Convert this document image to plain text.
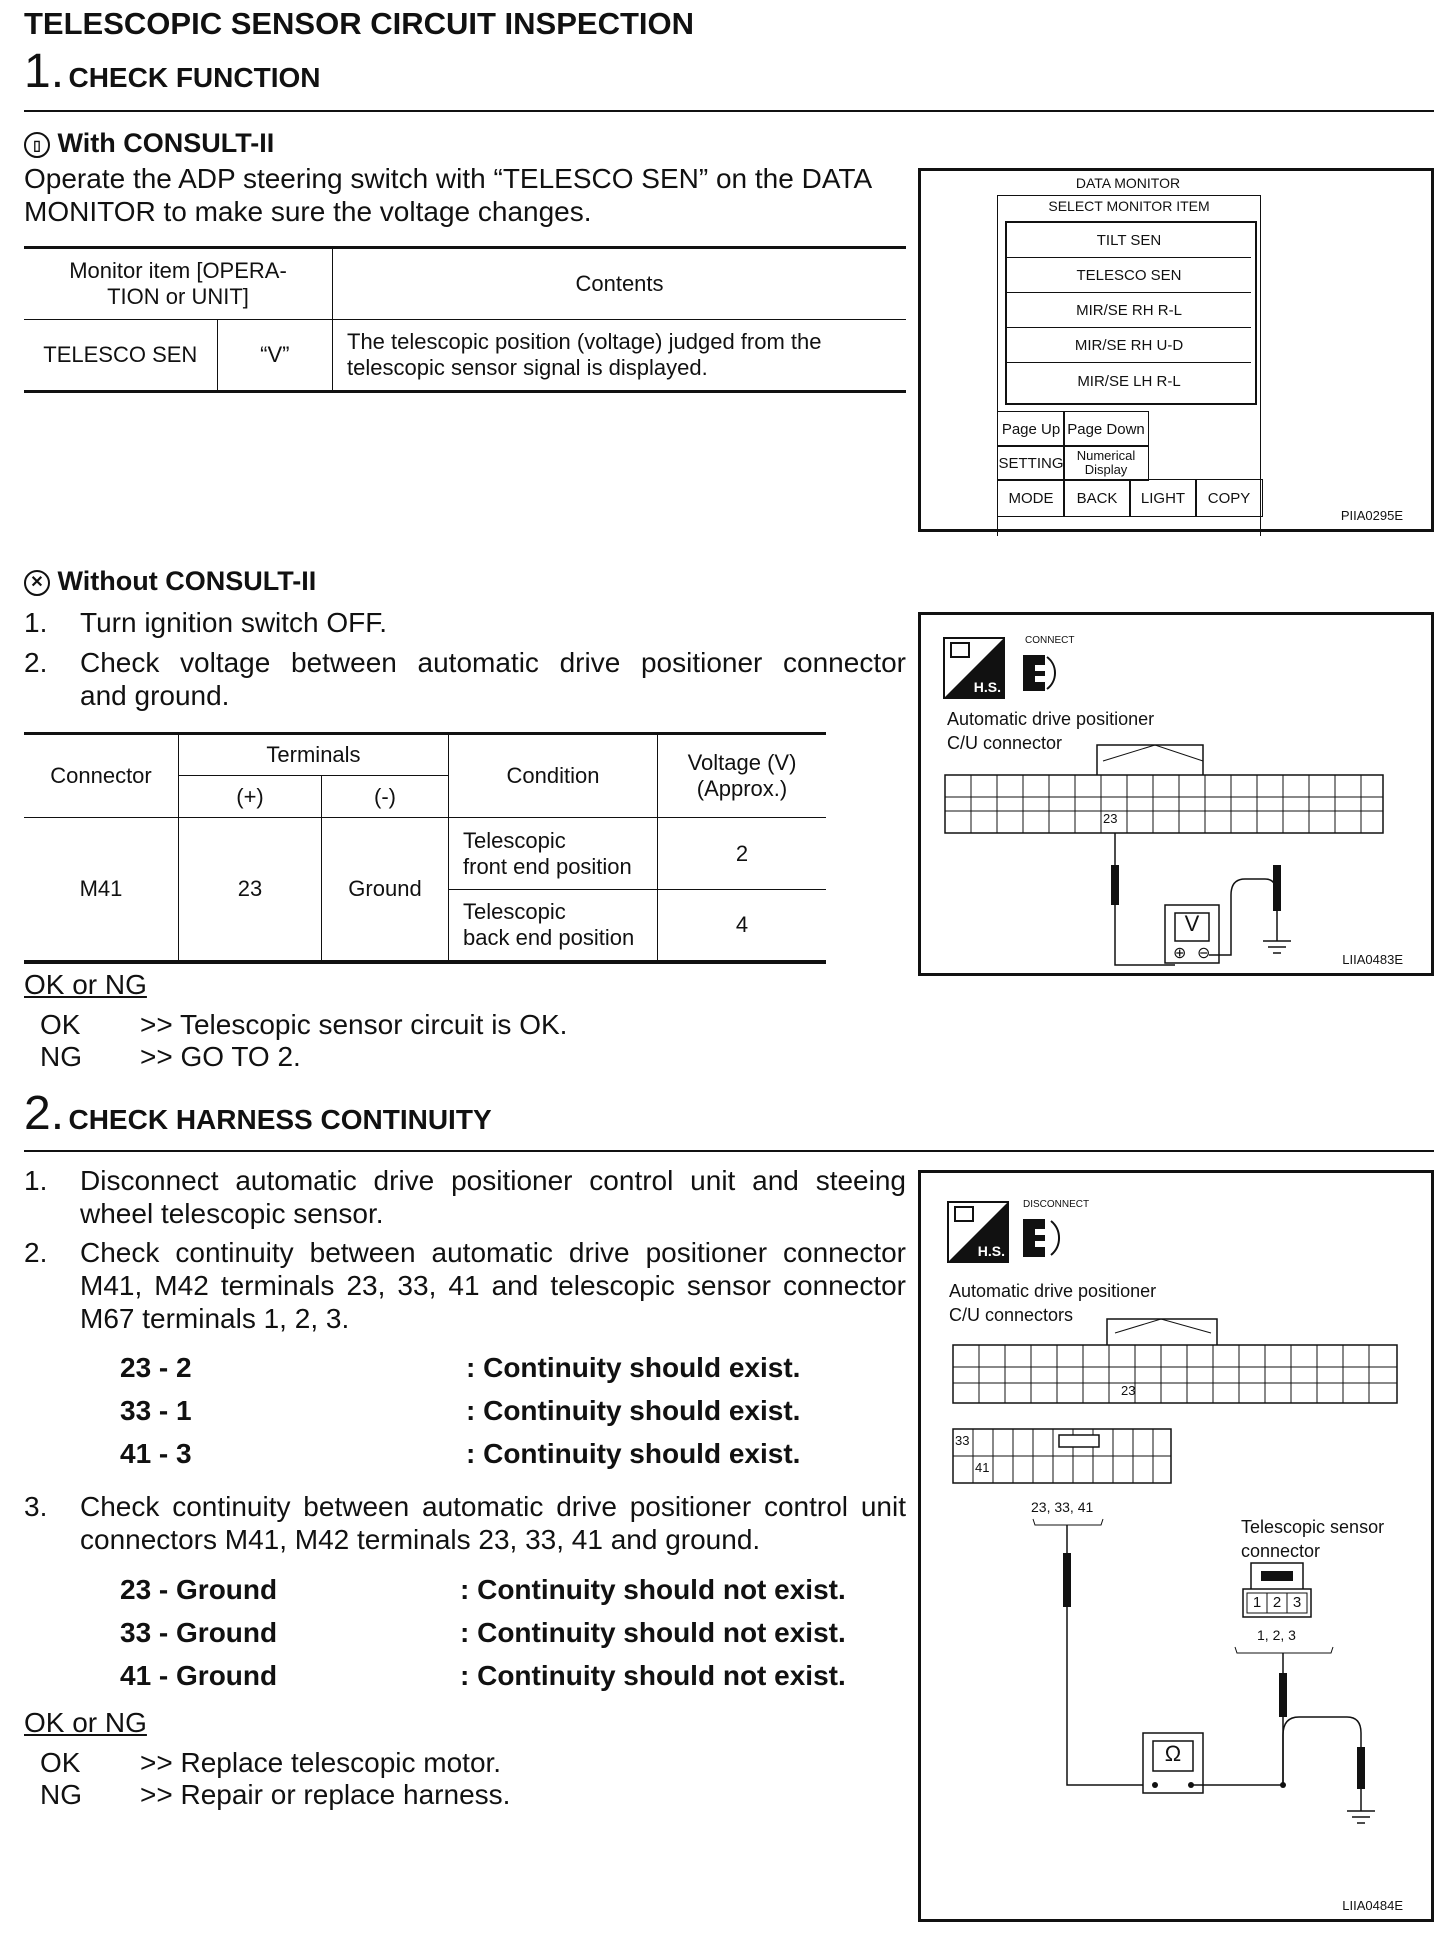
TELESCOPIC SENSOR CIRCUIT INSPECTION
1. CHECK FUNCTION
▯ With CONSULT-II
Operate the ADP steering switch with “TELESCO SEN” on the DATA MONITOR to make sure the voltage changes.
Monitor item [OPERA-
TION or UNIT]		Contents
TELESCO SEN	“V”	The telescopic position (voltage) judged from the
telescopic sensor signal is displayed.
DATA MONITOR
SELECT MONITOR ITEM
TILT SEN
TELESCO SEN
MIR/SE RH R-L
MIR/SE RH U-D
MIR/SE LH R-L
Page Up Page Down
SETTING Numerical
Display
MODE	BACK	LIGHT	COPY
PIIA0295E
✕ Without CONSULT-II
1. Turn ignition switch OFF.
2.	Check voltage between automatic drive positioner connector
and ground.
Connector	Terminals		Condition	Voltage (V)
(Approx.)

	(+)	(-)		
M41	23	Ground	Telescopic
front end position	2

			Telescopic
back end position	4
H.S.
CONNECT
Automatic drive positioner
C/U connector
23
V
⊕ ⊖	LIIA0483E
OK or NG
OK >> Telescopic sensor circuit is OK.
NG >> GO TO 2.
2. CHECK HARNESS CONTINUITY
1.	Disconnect automatic drive positioner control unit and steeing
wheel telescopic sensor.
2.	Check continuity between automatic drive positioner connector
M41, M42 terminals 23, 33, 41 and telescopic sensor connector
M67 terminals 1, 2, 3.
23 - 2	: Continuity should exist.
33 - 1	: Continuity should exist.
41 - 3	: Continuity should exist.
3.	Check continuity between automatic drive positioner control unit
connectors M41, M42 terminals 23, 33, 41 and ground.
23 - Ground	: Continuity should not exist.
33 - Ground	: Continuity should not exist.
41 - Ground	: Continuity should not exist.
OK or NG
OK >> Replace telescopic motor.
NG >> Repair or replace harness.
H.S.
DISCONNECT
Automatic drive positioner
C/U connectors
Telescopic sensor
connector
23
33
41
23, 33, 41
1 2 3
1, 2, 3
Ω
LIIA0484E
